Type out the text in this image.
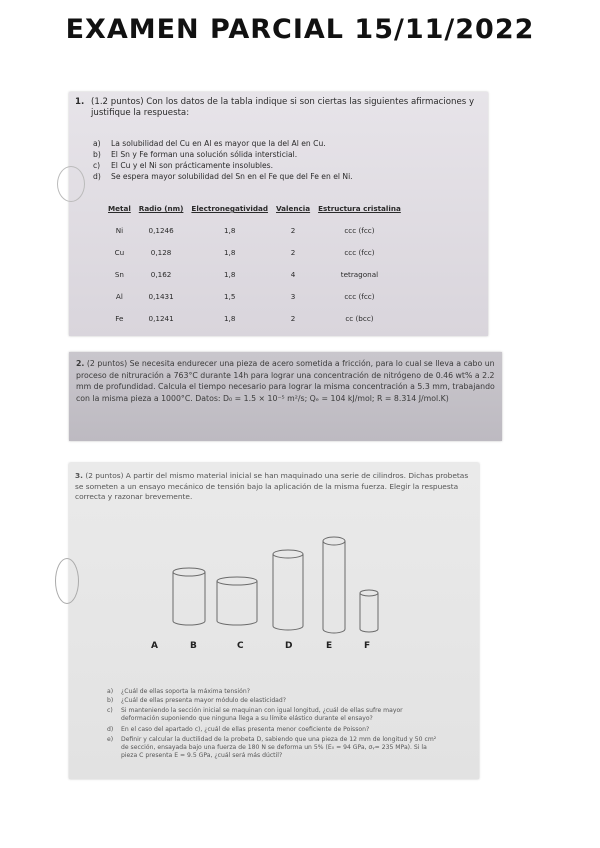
EXAMEN PARCIAL 15/11/2022
1. (1.2 puntos) Con los datos de la tabla indique si son ciertas las siguientes afirmaciones y justifique la respuesta:
a) La solubilidad del Cu en Al es mayor que la del Al en Cu.
b) El Sn y Fe forman una solución sólida intersticial.
c) El Cu y el Ni son prácticamente insolubles.
d) Se espera mayor solubilidad del Sn en el Fe que del Fe en el Ni.
Metal	Radio (nm)	Electronegatividad	Valencia	Estructura cristalina
Ni	0,1246	1,8	2	ccc (fcc)
Cu	0,128	1,8	2	ccc (fcc)
Sn	0,162	1,8	4	tetragonal
Al	0,1431	1,5	3	ccc (fcc)
Fe	0,1241	1,8	2	cc (bcc)
2. (2 puntos) Se necesita endurecer una pieza de acero sometida a fricción, para lo cual se lleva a cabo un proceso de nitruración a 763°C durante 14h para lograr una concentración de nitrógeno de 0.46 wt% a 2.2 mm de profundidad. Calcula el tiempo necesario para lograr la misma concentración a 5.3 mm, trabajando con la misma pieza a 1000°C. Datos: D₀ = 1.5 × 10⁻⁵ m²/s; Qₑ = 104 kJ/mol; R = 8.314 J/mol.K)
3. (2 puntos) A partir del mismo material inicial se han maquinado una serie de cilindros. Dichas probetas se someten a un ensayo mecánico de tensión bajo la aplicación de la misma fuerza. Elegir la respuesta correcta y razonar brevemente.
A	B	C	D	E	F
a) ¿Cuál de ellas soporta la máxima tensión?
b) ¿Cuál de ellas presenta mayor módulo de elasticidad?
c) Si manteniendo la sección inicial se maquinan con igual longitud, ¿cuál de ellas sufre mayor deformación suponiendo que ninguna llega a su límite elástico durante el ensayo?
d) En el caso del apartado c), ¿cuál de ellas presenta menor coeficiente de Poisson?
e) Definir y calcular la ductilidad de la probeta D, sabiendo que una pieza de 12 mm de longitud y 50 cm² de sección, ensayada bajo una fuerza de 180 N se deforma un 5% (E₀ = 94 GPa, σᵧ= 235 MPa). Si la pieza C presenta E = 9.5 GPa, ¿cuál será más dúctil?
